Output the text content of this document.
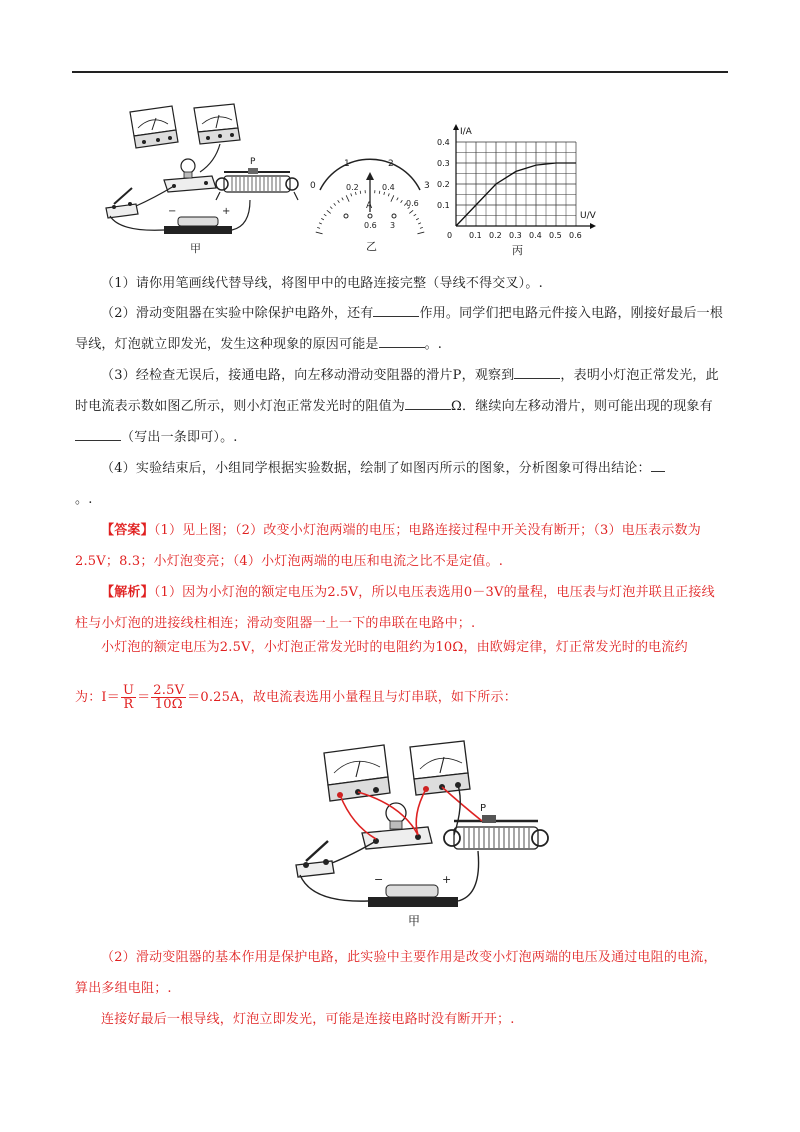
P
−	+
甲
0
1	2
3
0.2	0.4
0.6
A
0.6 3
乙
0.1 0.2 0.3 0.4 0.5 0.6
0.1
0.2
0.3
0.4
0
I/A
U/V
丙
（1）请你用笔画线代替导线，将图甲中的电路连接完整（导线不得交叉）。.
（2）滑动变阻器在实验中除保护电路外，还有	作用。同学们把电路元件接入电路，刚接好最后一根导线，灯泡就立即发光，发生这种现象的原因可能是	。.
（3）经检查无误后，接通电路，向左移动滑动变阻器的滑片P，观察到	，表明小灯泡正常发光，此时电流表示数如图乙所示，则小灯泡正常发光时的阻值为	Ω．继续向左移动滑片，则可能出现的现象有（写出一条即可）。.
（4）实验结束后，小组同学根据实验数据，绘制了如图丙所示的图象，分析图象可得出结论：
。.
【答案】（1）见上图；（2）改变小灯泡两端的电压；电路连接过程中开关没有断开；（3）电压表示数为2.5V；8.3；小灯泡变亮；（4）小灯泡两端的电压和电流之比不是定值。.
【解析】（1）因为小灯泡的额定电压为2.5V，所以电压表选用0－3V的量程，电压表与灯泡并联且正接线柱与小灯泡的进接线柱相连；滑动变阻器一上一下的串联在电路中；.
小灯泡的额定电压为2.5V，小灯泡正常发光时的电阻约为10Ω，由欧姆定律，灯正常发光时的电流约
为：$I= \frac{U}{R} = \frac{2.5V}{10\Omega} =0.25A$，故电流表选用小量程且与灯串联，如下所示：
P
−	+
甲
（2）滑动变阻器的基本作用是保护电路，此实验中主要作用是改变小灯泡两端的电压及通过电阻的电流，算出多组电阻；.
连接好最后一根导线，灯泡立即发光，可能是连接电路时没有断开开；.
